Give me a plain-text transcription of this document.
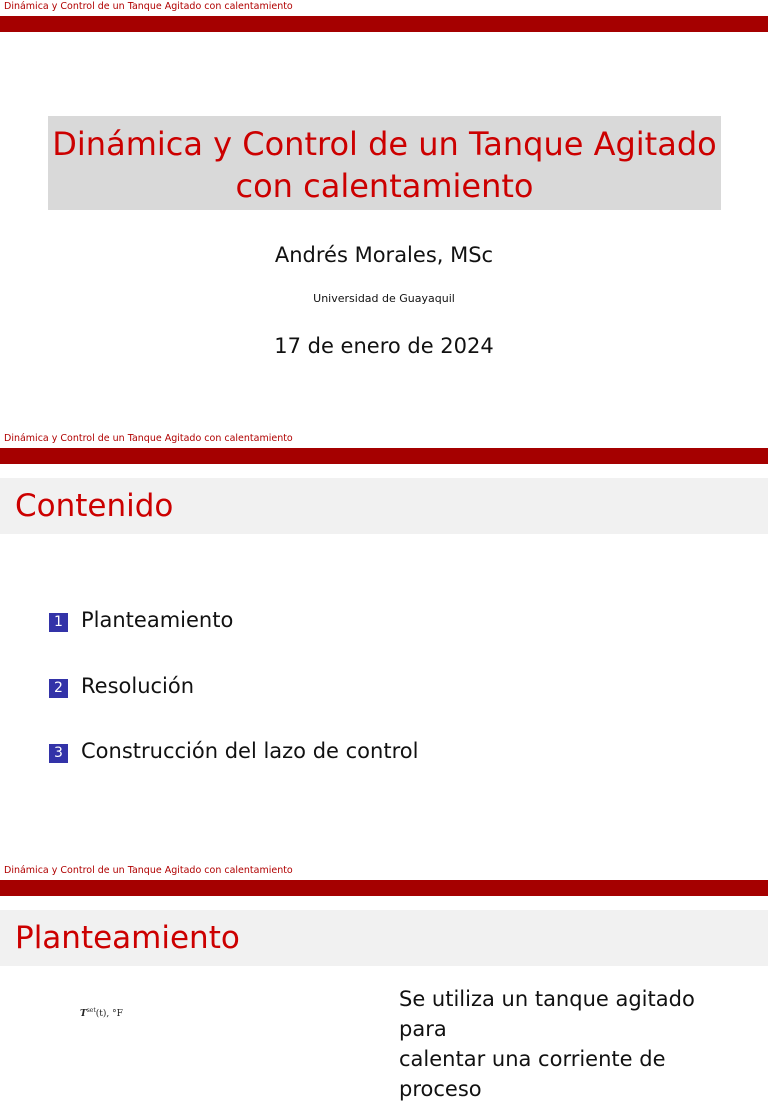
Dinámica y Control de un Tanque Agitado con calentamiento
Dinámica y Control de un Tanque Agitado con calentamiento
Andrés Morales, MSc
Universidad de Guayaquil
17 de enero de 2024
Dinámica y Control de un Tanque Agitado con calentamiento
Contenido
1 Planteamiento
2 Resolución
3 Construcción del lazo de control
Dinámica y Control de un Tanque Agitado con calentamiento
Planteamiento
Planteamiento
$T^{set}(t)$, °F
Se utiliza un tanque agitado para
calentar una corriente de proceso
